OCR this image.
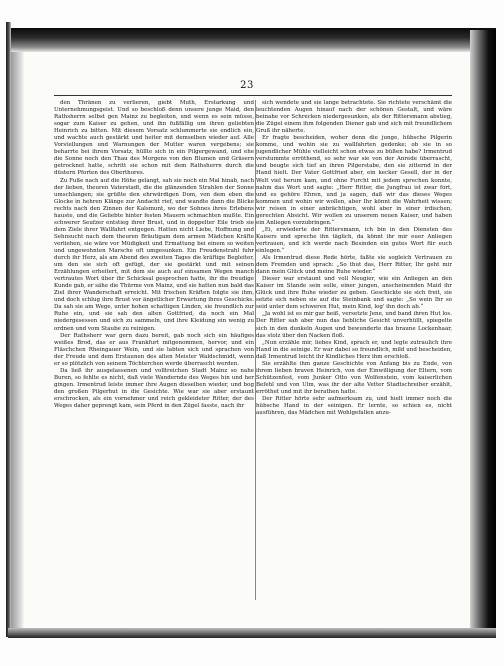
23

den Thränen zu verlieren, giebt Muth, Erstarkung und Unternehmungsgeist. Und so beschloß denn unsere junge Maid, den Rathsherrn selbst gen Mainz zu begleiten, und wenn es sein müsse, sogar zum Kaiser zu gehen, und ihn fußfällig um ihren geliebten Heinrich zu bitten. Mit diesem Vorsatz schlummerte sie endlich ein, und wachte auch gestärkt und heiter mit demselben wieder auf. Alle Vorstellungen und Warnungen der Mutter waren vergebens; sie beharrte bei ihrem Vorsatz, hüllte sich in ein Pilgergewand, und ehe die Sonne noch den Thau des Morgens von den Blumen und Gräsern getrocknet hatte, schritt sie schon mit dem Rathsherrn durch die düstern Pforten des Oberthores.

Zu Fuße nach auf die Höhe gelangt, sah sie noch ein Mal hinab, nach der lieben, theuren Vaterstadt, die die glänzenden Strahlen der Sonne umschlangen; sie grüßte den ehrwürdigen Dom, von dem eben die Glocke in hehren Klänge zur Andacht rief, und wandte dann die Blicke rechts nach den Zinnen der Kalsmunt, wo der Sohnes ihres Erlebens hauste, und die Geliebte hinter festen Mauern schmachten mußte. Ein schwerer Seufzer entstieg ihrer Brust, und in doppelter Eile trieb sie dem Ziele ihrer Wallfahrt entgegen. Hatten nicht Liebe, Hoffnung und Sehnsucht nach dem theuren Bräutigam dem armen Mädchen Kräfte verliehen, sie wäre vor Müdigkeit und Ermattung bei einem so weiten und ungewohnten Marsche oft umgesunken. Ein Freudenstrahl fuhr durch ihr Herz, als am Abend des zweiten Tages die kräftige Begleiter, um den sie sich oft gefügt, der sie gestärkt und mit seinen Erzählungen erheitert, mit dem sie auch auf einsamen Wegen manch vertrautes Wort über ihr Schicksal gesprochen hatte, ihr die freudige Kunde gab, er sähe die Thürme von Mainz, und sie hatten nun bald das Ziel ihrer Wanderschaft erreicht. Mit frischen Kräften folgte sie ihm, und doch schlug ihre Brust vor ängstlicher Erwartung ihres Geschicks. Da sah sie am Wege, unter hohen schattigen Linden, sie freundlich zur Ruhe ein, und sie sah den alten Gottfried, da noch ein Mal niedergesessen und sich zu sammeln, und ihre Kleidung ein wenig zu ordnen und vom Staube zu reinigen.

Der Rathsherr war gern dazu bereit, gab noch sich ein häufiges weißes Brod, das er aus Frankfurt mitgenommen, hervor, und ein Fläschchen Rheingauer Wein, und sie labten sich und sprachen von der Freude und dem Erstaunen des alten Meister Waldschmidt, wenn er so plötzlich von seinem Töchterchen werde überrascht werden.

Da ließ ihr ausgelassenen und volltreichen Stadt Mainz so nahe Buren, so fehlte es nicht, daß viele Wandernde des Weges hin und her gingen. Irmentrud leiste immer ihre Augen dieselben wieder, und bog den großen Pilgerhut in die Gesichte. Wie war sie aber erstaunt erschrocken, als ein vornehmer und reich gekleideter Ritter, der des Weges daher geprengt kam, sein Pferd in den Zügel fasste, nach ihr

sich wendete und sie lange betrachtete. Sie richtete verschämt die leuchtenden Augen hinauf nach der schönen Gestalt, und wäre beinahe vor Schrecken niedergesunken, als der Rittersmann abstieg, die Zügel einem ihm folgenden Diener gab und sich mit freundlichem Gruß ihr näherte.

Er fragte bescheiden, woher denn die junge, hübsche Pilgerin komme, und wohin sie zu wallfahrten gedenke; ob sie in so jugendlicher Mühle vielleicht schon etwas zu büßen habe? Irmentrud verstummte erröthend, so sehr war sie von der Anrede überrascht, und beugte sich tief an ihren Pilgerstabe, den sie zitternd in der Hand hielt. Der Vater Gottfried aber, ein kecker Gesell, der in der Welt viel herum kam, und ohne Furcht mit jedem sprechen konnte, nahm das Wort und sagte: „Herr Ritter, die Jungfrau ist zwar fort, und es gehöre Ehren, und ja sagen, daß wir das dieses Weges kommen und wohin wir wollen, aber Ihr könnt die Wahrheit wissen; wir reisen in einer anbrächtigen, wohl aber in einer irdischen, gerechten Absicht. Wir wollen zu unserem neuen Kaiser, und haben ein Anliegen vorzubringen.“

„Ei, erwiederte der Rittersmann, ich bin in den Diensten des Kaisers und spreche ihn täglich, da könnt ihr mir euer Anliegen vertrauen, und ich werde nach Besinden ein gutes Wort für euch einlegen.“

Als Irmentrud diese Rede hörte, faßte sie sogleich Vertrauen zu dem Fremden und sprach: „So thut das, Herr Ritter, Ihr geht mir dann mein Glück und meine Ruhe wieder.“

Dieser war erstaunt und voll Neugier, wie ein Anliegen an den Kaiser im Stande sein solle, einer jungen, anscheinenden Maid ihr Glück und ihre Ruhe wieder zu geben. Geschickte sie sich freit, sie setzte sich neben sie auf die Steinbank und sagte: „So wein Ihr so seid unter dem schweren Hut, mein Kind, leg' ihn doch ab.“

„Ja wohl ist es mir gar heiß, versetzte Jene, und band ihren Hut los. Der Ritter sah aber nun das liebliche Gesicht unverhüllt, spiegelte sich in den dunkeln Augen und bewunderte das braune Lockenhaar, das stolz über den Nacken floß.

„Nun erzähle mir, liebes Kind, sprach er, und legte zutraulich ihre Hand in die seinige. Er war dabei so freundlich, mild und bescheiden, daß Irmentrud leicht ihr Kindliches Herz ihm erschloß.

Sie erzählte ihm ganze Geschichte von Anfang bis zu Ende, von ihrem lieben braven Heinrich, von der Einwilligung der Eltern, vom Schützenfest, vom Junker Otto von Wolfenstein, vom kaiserlichen Befehl und von Ulm, was ihr der alte Vetter Stadtschreiber erzählt, erröthet und mit ihr berathen hatte.

Der Ritter hörte sehr aufmerksam zu, und hielt immer noch die hübsche Hand in der seinigen. Er lernte, so schien es, nicht ausführen, das Mädchen mit Wohlgefallen anzu-
